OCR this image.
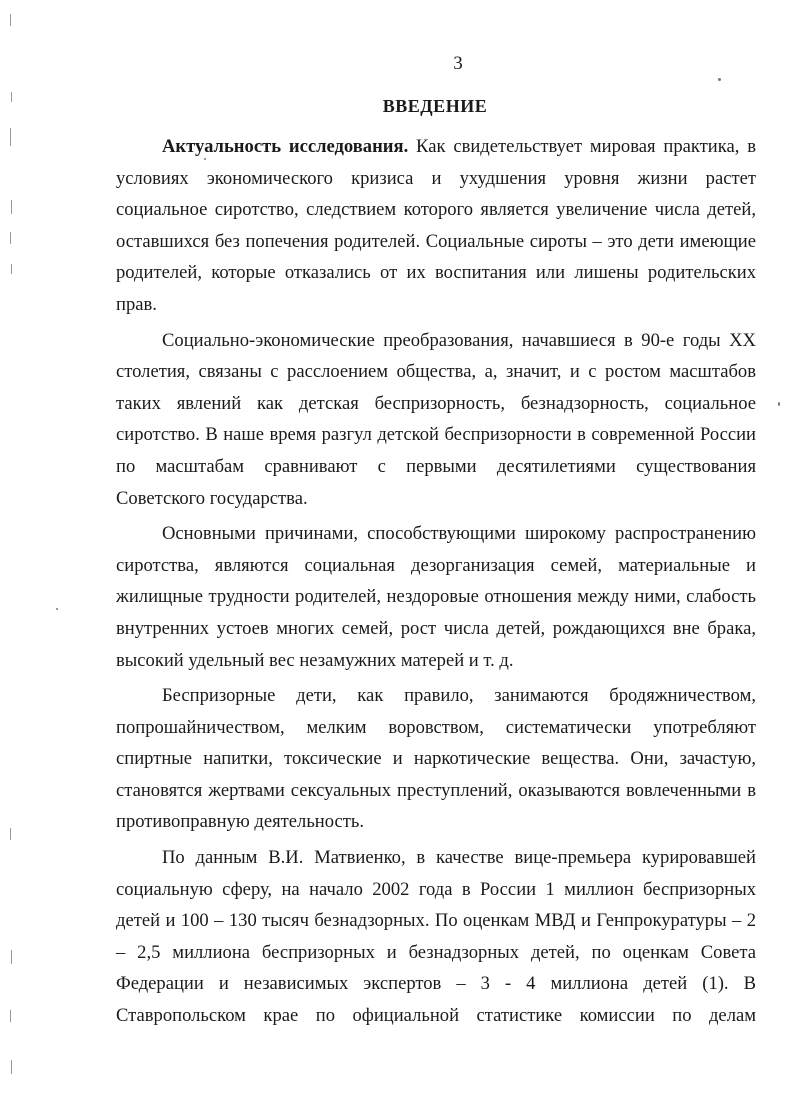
3
ВВЕДЕНИЕ

Актуальность исследования. Как свидетельствует мировая практика, в условиях экономического кризиса и ухудшения уровня жизни растет социальное сиротство, следствием которого является увеличение числа детей, оставшихся без попечения родителей. Социальные сироты – это дети имеющие родителей, которые отказались от их воспитания или лишены родительских прав.

Социально-экономические преобразования, начавшиеся в 90-е годы XX столетия, связаны с расслоением общества, а, значит, и с ростом масштабов таких явлений как детская беспризорность, безнадзорность, социальное сиротство. В наше время разгул детской беспризорности в современной России по масштабам сравнивают с первыми десятилетиями существования Советского государства.

Основными причинами, способствующими широкому распространению сиротства, являются социальная дезорганизация семей, материальные и жилищные трудности родителей, нездоровые отношения между ними, слабость внутренних устоев многих семей, рост числа детей, рождающихся вне брака, высокий удельный вес незамужних матерей и т. д.

Беспризорные дети, как правило, занимаются бродяжничеством, попрошайничеством, мелким воровством, систематически употребляют спиртные напитки, токсические и наркотические вещества. Они, зачастую, становятся жертвами сексуальных преступлений, оказываются вовлеченными в противоправную деятельность.

По данным В.И. Матвиенко, в качестве вице-премьера курировавшей социальную сферу, на начало 2002 года в России 1 миллион беспризорных детей и 100 – 130 тысяч безнадзорных. По оценкам МВД и Генпрокуратуры – 2 – 2,5 миллиона беспризорных и безнадзорных детей, по оценкам Совета Федерации и независимых экспертов – 3 - 4 миллиона детей (1). В Ставропольском крае по официальной статистике комиссии по делам
